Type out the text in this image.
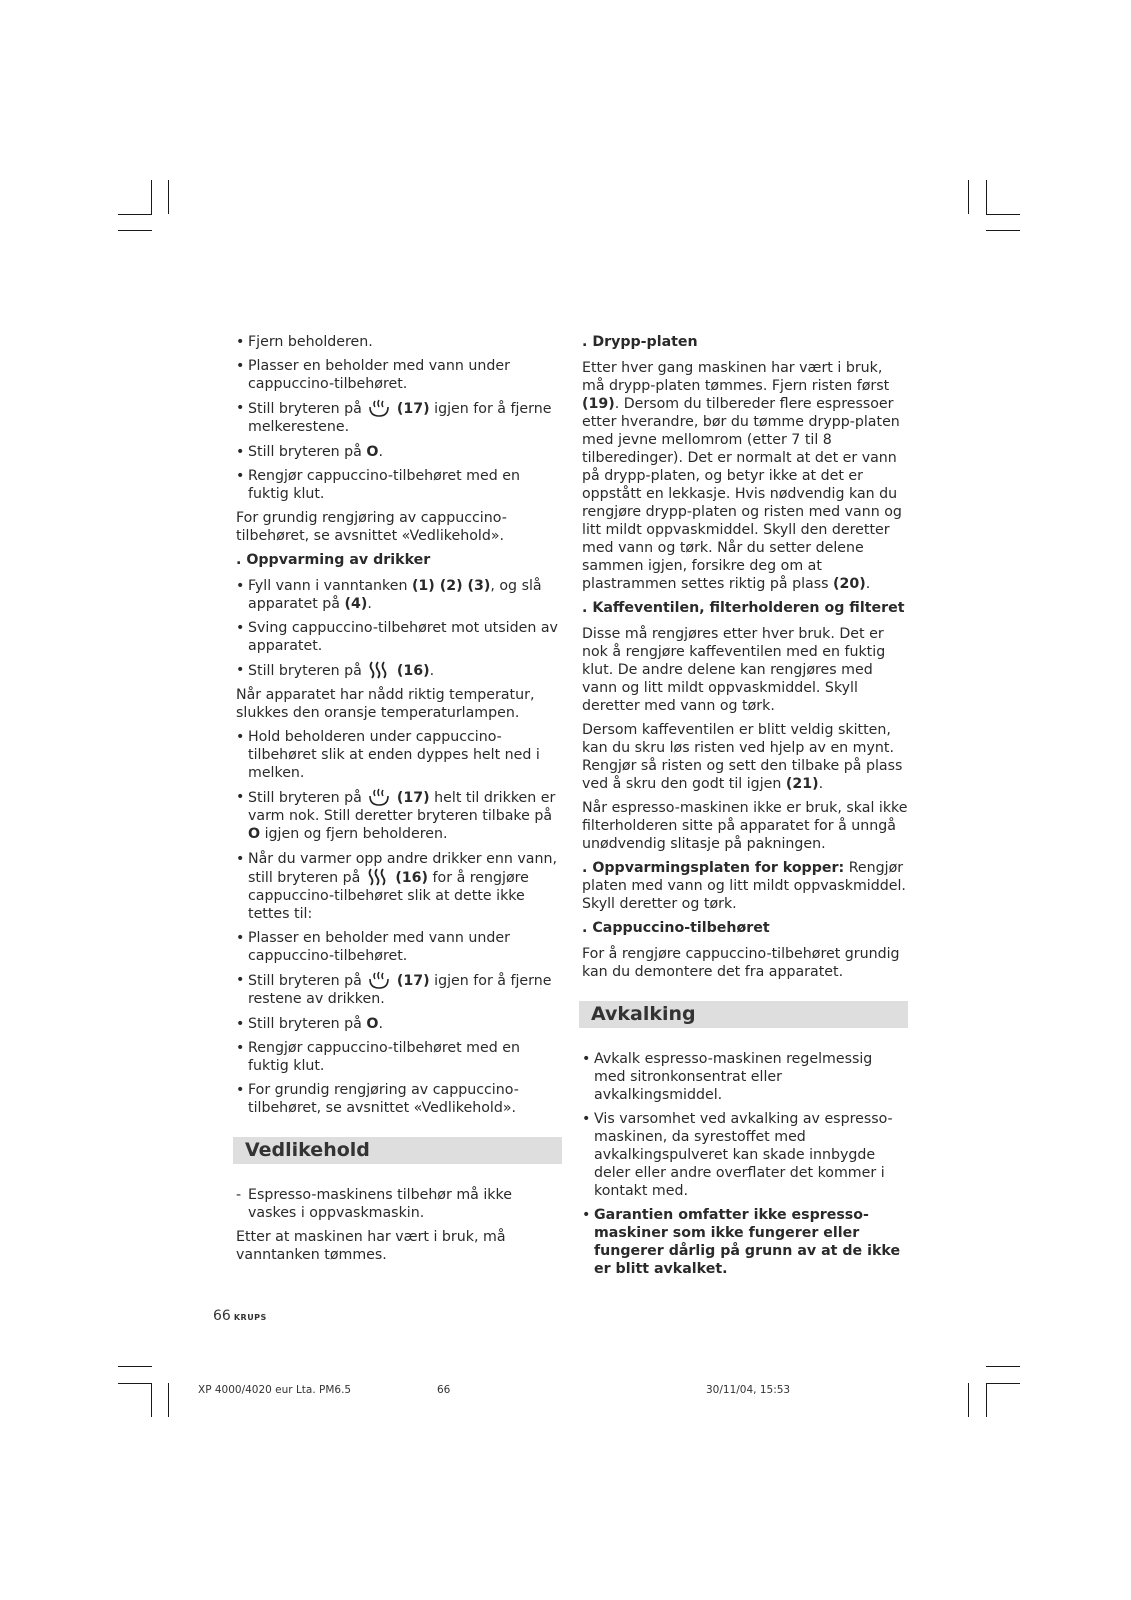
• Fjern beholderen.
• Plasser en beholder med vann under cappuccino-tilbehøret.
• Still bryteren på (17) igjen for å fjerne melkerestene.
• Still bryteren på O.
• Rengjør cappuccino-tilbehøret med en fuktig klut.
For grundig rengjøring av cappuccino-tilbehøret, se avsnittet «Vedlikehold».
. Oppvarming av drikker
• Fyll vann i vanntanken (1) (2) (3), og slå apparatet på (4).
• Sving cappuccino-tilbehøret mot utsiden av apparatet.
• Still bryteren på (16).
Når apparatet har nådd riktig temperatur, slukkes den oransje temperaturlampen.
• Hold beholderen under cappuccino-tilbehøret slik at enden dyppes helt ned i melken.
• Still bryteren på (17) helt til drikken er varm nok. Still deretter bryteren tilbake på O igjen og fjern beholderen.
• Når du varmer opp andre drikker enn vann, still bryteren på (16) for å rengjøre cappuccino-tilbehøret slik at dette ikke tettes til:
• Plasser en beholder med vann under cappuccino-tilbehøret.
• Still bryteren på (17) igjen for å fjerne restene av drikken.
• Still bryteren på O.
• Rengjør cappuccino-tilbehøret med en fuktig klut.
• For grundig rengjøring av cappuccino-tilbehøret, se avsnittet «Vedlikehold».
Vedlikehold
- Espresso-maskinens tilbehør må ikke vaskes i oppvaskmaskin.
Etter at maskinen har vært i bruk, må vanntanken tømmes.
. Drypp-platen
Etter hver gang maskinen har vært i bruk, må drypp-platen tømmes. Fjern risten først (19). Dersom du tilbereder flere espressoer etter hverandre, bør du tømme drypp-platen med jevne mellomrom (etter 7 til 8 tilberedinger). Det er normalt at det er vann på drypp-platen, og betyr ikke at det er oppstått en lekkasje. Hvis nødvendig kan du rengjøre drypp-platen og risten med vann og litt mildt oppvaskmiddel. Skyll den deretter med vann og tørk. Når du setter delene sammen igjen, forsikre deg om at plastrammen settes riktig på plass (20).
. Kaffeventilen, filterholderen og filteret
Disse må rengjøres etter hver bruk. Det er nok å rengjøre kaffeventilen med en fuktig klut. De andre delene kan rengjøres med vann og litt mildt oppvaskmiddel. Skyll deretter med vann og tørk.
Dersom kaffeventilen er blitt veldig skitten, kan du skru løs risten ved hjelp av en mynt. Rengjør så risten og sett den tilbake på plass ved å skru den godt til igjen (21).
Når espresso-maskinen ikke er bruk, skal ikke filterholderen sitte på apparatet for å unngå unødvendig slitasje på pakningen.
. Oppvarmingsplaten for kopper: Rengjør platen med vann og litt mildt oppvaskmiddel. Skyll deretter og tørk.
. Cappuccino-tilbehøret
For å rengjøre cappuccino-tilbehøret grundig kan du demontere det fra apparatet.
Avkalking
• Avkalk espresso-maskinen regelmessig med sitronkonsentrat eller avkalkingsmiddel.
• Vis varsomhet ved avkalking av espresso-maskinen, da syrestoffet med avkalkingspulveret kan skade innbygde deler eller andre overflater det kommer i kontakt med.
• Garantien omfatter ikke espresso-maskiner som ikke fungerer eller fungerer dårlig på grunn av at de ikke er blitt avkalket.
66 KRUPS
XP 4000/4020 eur Lta. PM6.5	66	30/11/04, 15:53
